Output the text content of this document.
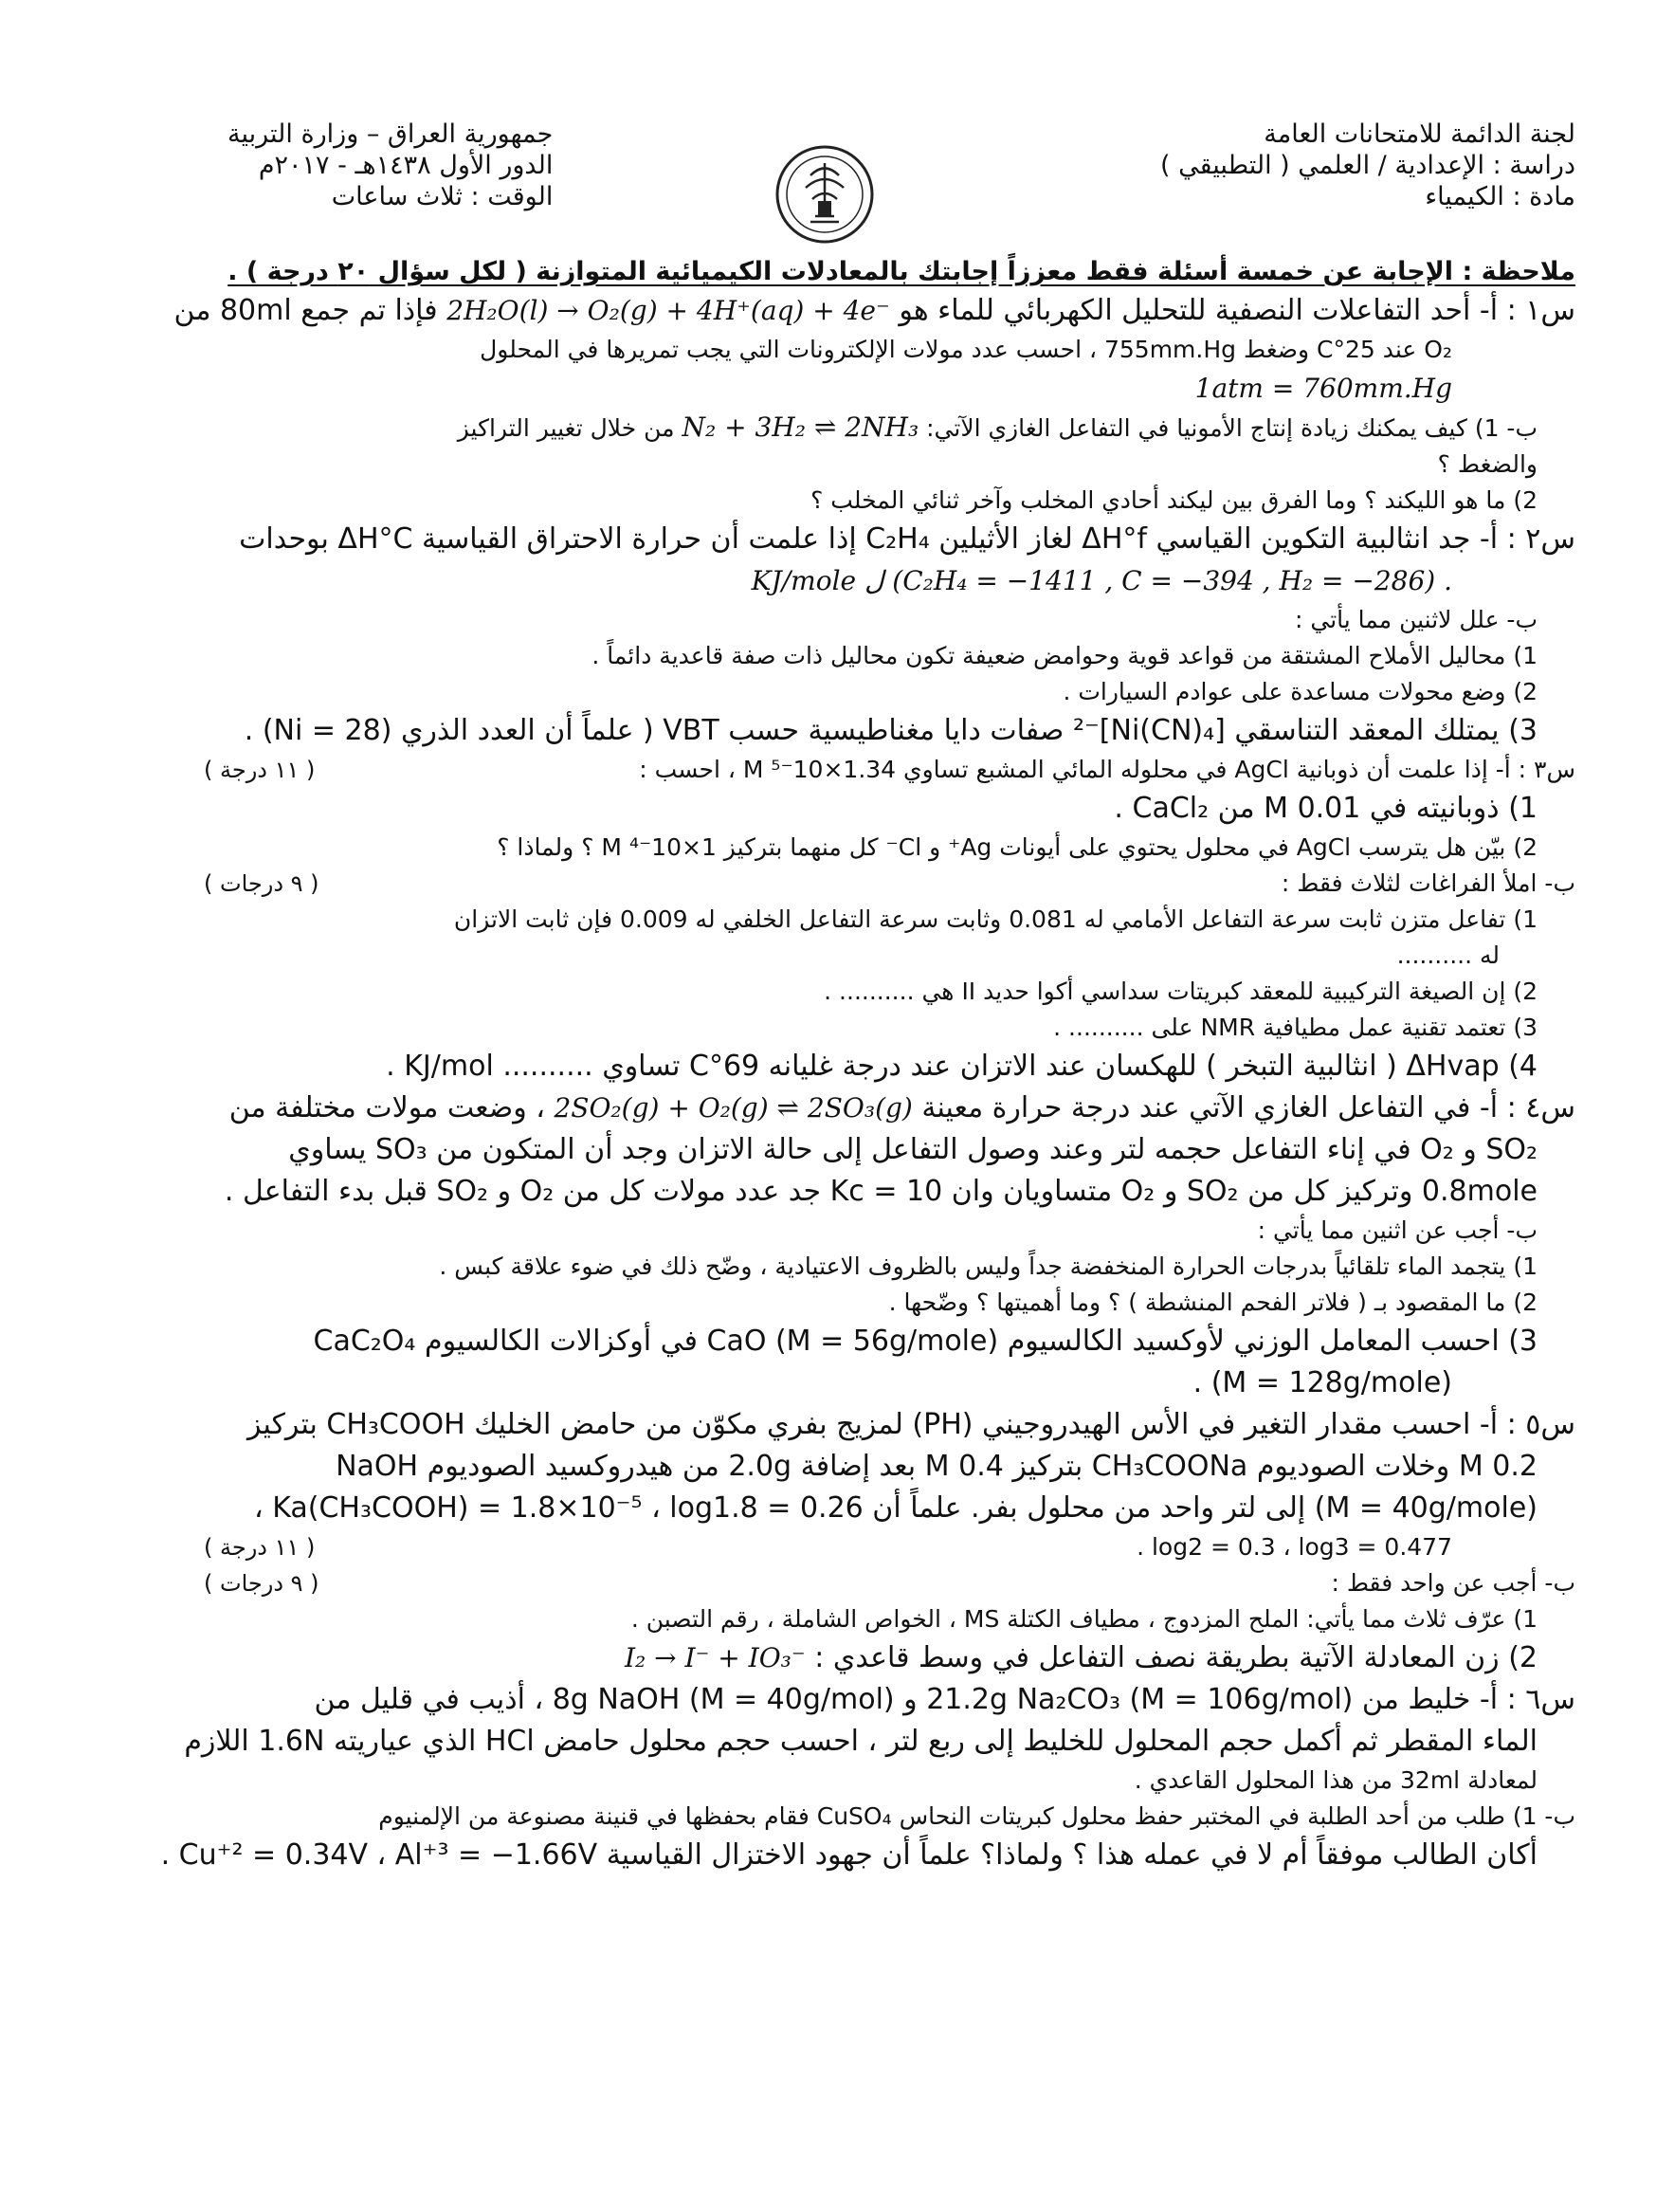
لجنة الدائمة للامتحانات العامة
دراسة : الإعدادية / العلمي ( التطبيقي )
مادة : الكيمياء
جمهورية العراق – وزارة التربية
الدور الأول ١٤٣٨هـ - ٢٠١٧م
الوقت : ثلاث ساعات
ملاحظة : الإجابة عن خمسة أسئلة فقط معززاً إجابتك بالمعادلات الكيميائية المتوازنة ( لكل سؤال ٢٠ درجة ) .
س١ : أ- أحد التفاعلات النصفية للتحليل الكهربائي للماء هو 2H₂O(l) → O₂(g) + 4H⁺(aq) + 4e⁻ فإذا تم جمع 80ml من
O₂ عند 25°C وضغط 755mm.Hg ، احسب عدد مولات الإلكترونات التي يجب تمريرها في المحلول
1atm = 760mm.Hg
ب- 1) كيف يمكنك زيادة إنتاج الأمونيا في التفاعل الغازي الآتي: N₂ + 3H₂ ⇌ 2NH₃ من خلال تغيير التراكيز
والضغط ؟
2) ما هو الليكند ؟ وما الفرق بين ليكند أحادي المخلب وآخر ثنائي المخلب ؟
س٢ : أ- جد انثالبية التكوين القياسي ΔH°f لغاز الأثيلين C₂H₄ إذا علمت أن حرارة الاحتراق القياسية ΔH°C بوحدات
KJ/mole ل (C₂H₄ = −1411 , C = −394 , H₂ = −286) .
ب- علل لاثنين مما يأتي :
1) محاليل الأملاح المشتقة من قواعد قوية وحوامض ضعيفة تكون محاليل ذات صفة قاعدية دائماً .
2) وضع محولات مساعدة على عوادم السيارات .
3) يمتلك المعقد التناسقي [Ni(CN)₄]⁻² صفات دايا مغناطيسية حسب VBT ( علماً أن العدد الذري (Ni = 28) .
س٣ : أ- إذا علمت أن ذوبانية AgCl في محلوله المائي المشبع تساوي 1.34×10⁻⁵ M ، احسب :
( ١١ درجة )
1) ذوبانيته في 0.01 M من CaCl₂ .
2) بيّن هل يترسب AgCl في محلول يحتوي على أيونات Ag⁺ و Cl⁻ كل منهما بتركيز 1×10⁻⁴ M ؟ ولماذا ؟
ب- املأ الفراغات لثلاث فقط :
( ٩ درجات )
1) تفاعل متزن ثابت سرعة التفاعل الأمامي له 0.081 وثابت سرعة التفاعل الخلفي له 0.009 فإن ثابت الاتزان
له ..........
2) إن الصيغة التركيبية للمعقد كبريتات سداسي أكوا حديد II هي .......... .
3) تعتمد تقنية عمل مطيافية NMR على .......... .
4) ΔHvap ( انثالبية التبخر ) للهكسان عند الاتزان عند درجة غليانه 69°C تساوي .......... KJ/mol .
س٤ : أ- في التفاعل الغازي الآتي عند درجة حرارة معينة 2SO₂(g) + O₂(g) ⇌ 2SO₃(g) ، وضعت مولات مختلفة من
SO₂ و O₂ في إناء التفاعل حجمه لتر وعند وصول التفاعل إلى حالة الاتزان وجد أن المتكون من SO₃ يساوي
0.8mole وتركيز كل من SO₂ و O₂ متساويان وان Kc = 10 جد عدد مولات كل من O₂ و SO₂ قبل بدء التفاعل .
ب- أجب عن اثنين مما يأتي :
1) يتجمد الماء تلقائياً بدرجات الحرارة المنخفضة جداً وليس بالظروف الاعتيادية ، وضّح ذلك في ضوء علاقة كبس .
2) ما المقصود بـ ( فلاتر الفحم المنشطة ) ؟ وما أهميتها ؟ وضّحها .
3) احسب المعامل الوزني لأوكسيد الكالسيوم CaO (M = 56g/mole) في أوكزالات الكالسيوم CaC₂O₄
(M = 128g/mole) .
س٥ : أ- احسب مقدار التغير في الأس الهيدروجيني (PH) لمزيج بفري مكوّن من حامض الخليك CH₃COOH بتركيز
0.2 M وخلات الصوديوم CH₃COONa بتركيز 0.4 M بعد إضافة 2.0g من هيدروكسيد الصوديوم NaOH
(M = 40g/mole) إلى لتر واحد من محلول بفر. علماً أن Ka(CH₃COOH) = 1.8×10⁻⁵ ، log1.8 = 0.26 ،
log2 = 0.3 ، log3 = 0.477 .
( ١١ درجة )
ب- أجب عن واحد فقط :
( ٩ درجات )
1) عرّف ثلاث مما يأتي: الملح المزدوج ، مطياف الكتلة MS ، الخواص الشاملة ، رقم التصبن .
2) زن المعادلة الآتية بطريقة نصف التفاعل في وسط قاعدي : I₂ → I⁻ + IO₃⁻
س٦ : أ- خليط من 21.2g Na₂CO₃ (M = 106g/mol) و 8g NaOH (M = 40g/mol) ، أذيب في قليل من
الماء المقطر ثم أكمل حجم المحلول للخليط إلى ربع لتر ، احسب حجم محلول حامض HCl الذي عياريته 1.6N اللازم
لمعادلة 32ml من هذا المحلول القاعدي .
ب- 1) طلب من أحد الطلبة في المختبر حفظ محلول كبريتات النحاس CuSO₄ فقام بحفظها في قنينة مصنوعة من الإلمنيوم
أكان الطالب موفقاً أم لا في عمله هذا ؟ ولماذا؟ علماً أن جهود الاختزال القياسية Cu⁺² = 0.34V ، Al⁺³ = −1.66V .
